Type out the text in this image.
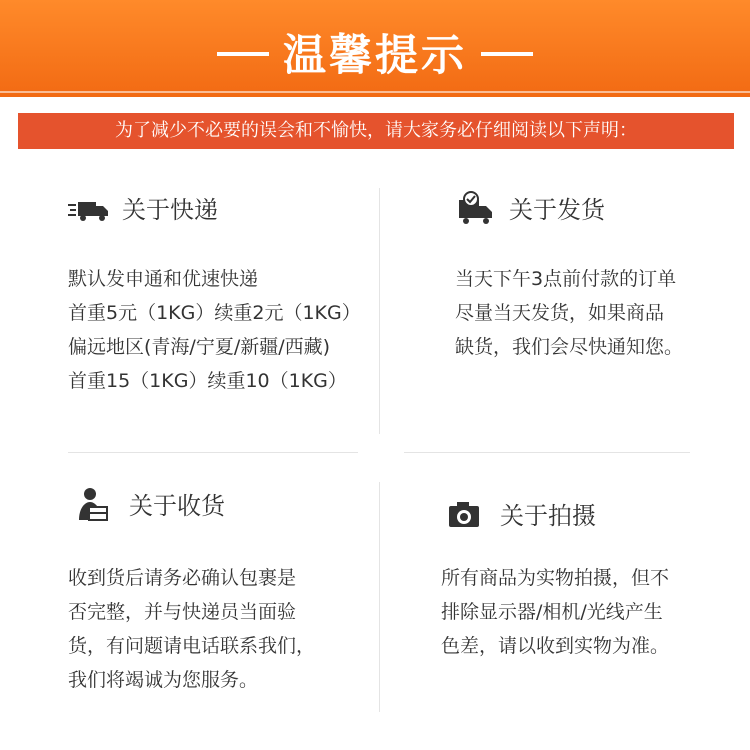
温馨提示
为了减少不必要的误会和不愉快，请大家务必仔细阅读以下声明：
关于快递
默认发申通和优速快递
首重5元（1KG）续重2元（1KG）
偏远地区(青海/宁夏/新疆/西藏)
首重15（1KG）续重10（1KG）
关于发货
当天下午3点前付款的订单
尽量当天发货，如果商品
缺货，我们会尽快通知您。
关于收货
收到货后请务必确认包裹是
否完整，并与快递员当面验
货，有问题请电话联系我们，
我们将竭诚为您服务。
关于拍摄
所有商品为实物拍摄，但不
排除显示器/相机/光线产生
色差，请以收到实物为准。
